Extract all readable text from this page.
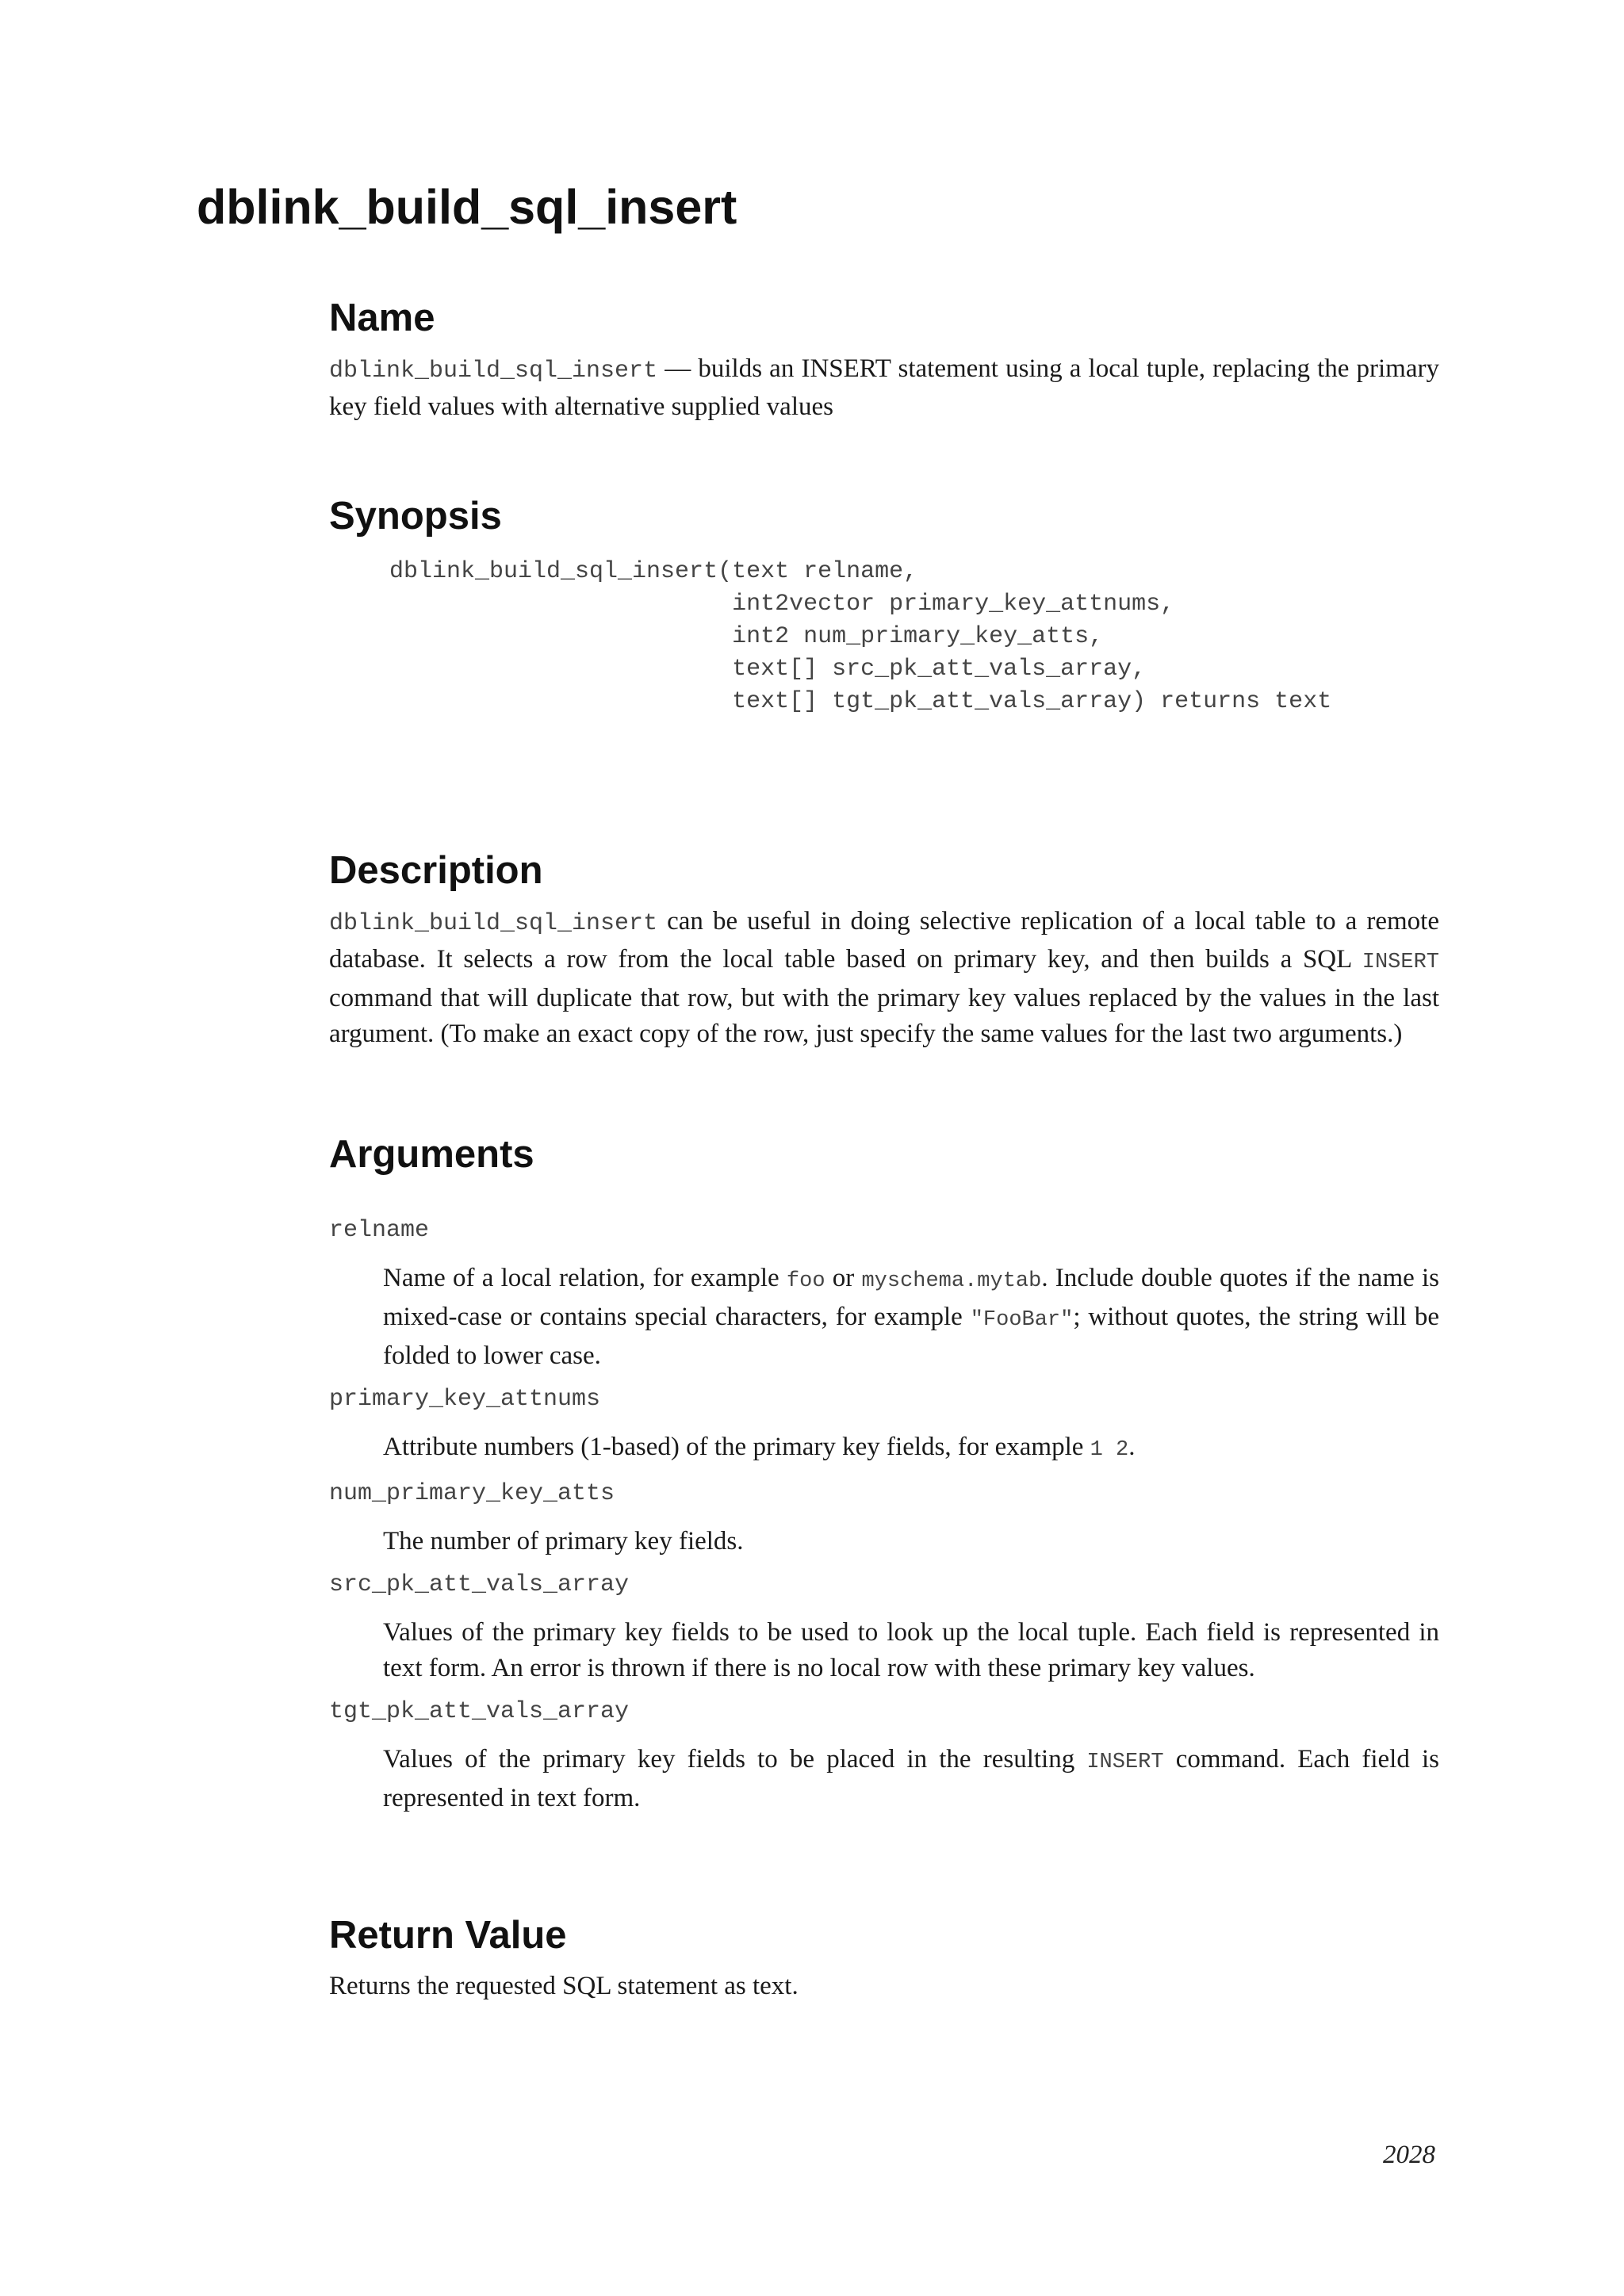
dblink_build_sql_insert
Name
dblink_build_sql_insert — builds an INSERT statement using a local tuple, replacing the primary key field values with alternative supplied values
Synopsis
dblink_build_sql_insert(text relname,
int2vector primary_key_attnums,
int2 num_primary_key_atts,
text[] src_pk_att_vals_array,
text[] tgt_pk_att_vals_array) returns text
Description
dblink_build_sql_insert can be useful in doing selective replication of a local table to a remote database. It selects a row from the local table based on primary key, and then builds a SQL INSERT command that will duplicate that row, but with the primary key values replaced by the values in the last argument. (To make an exact copy of the row, just specify the same values for the last two arguments.)
Arguments
relname
Name of a local relation, for example foo or myschema.mytab. Include double quotes if the name is mixed-case or contains special characters, for example "FooBar"; without quotes, the string will be folded to lower case.
primary_key_attnums
Attribute numbers (1-based) of the primary key fields, for example 1 2.
num_primary_key_atts
The number of primary key fields.
src_pk_att_vals_array
Values of the primary key fields to be used to look up the local tuple. Each field is represented in text form. An error is thrown if there is no local row with these primary key values.
tgt_pk_att_vals_array
Values of the primary key fields to be placed in the resulting INSERT command. Each field is represented in text form.
Return Value
Returns the requested SQL statement as text.
2028
